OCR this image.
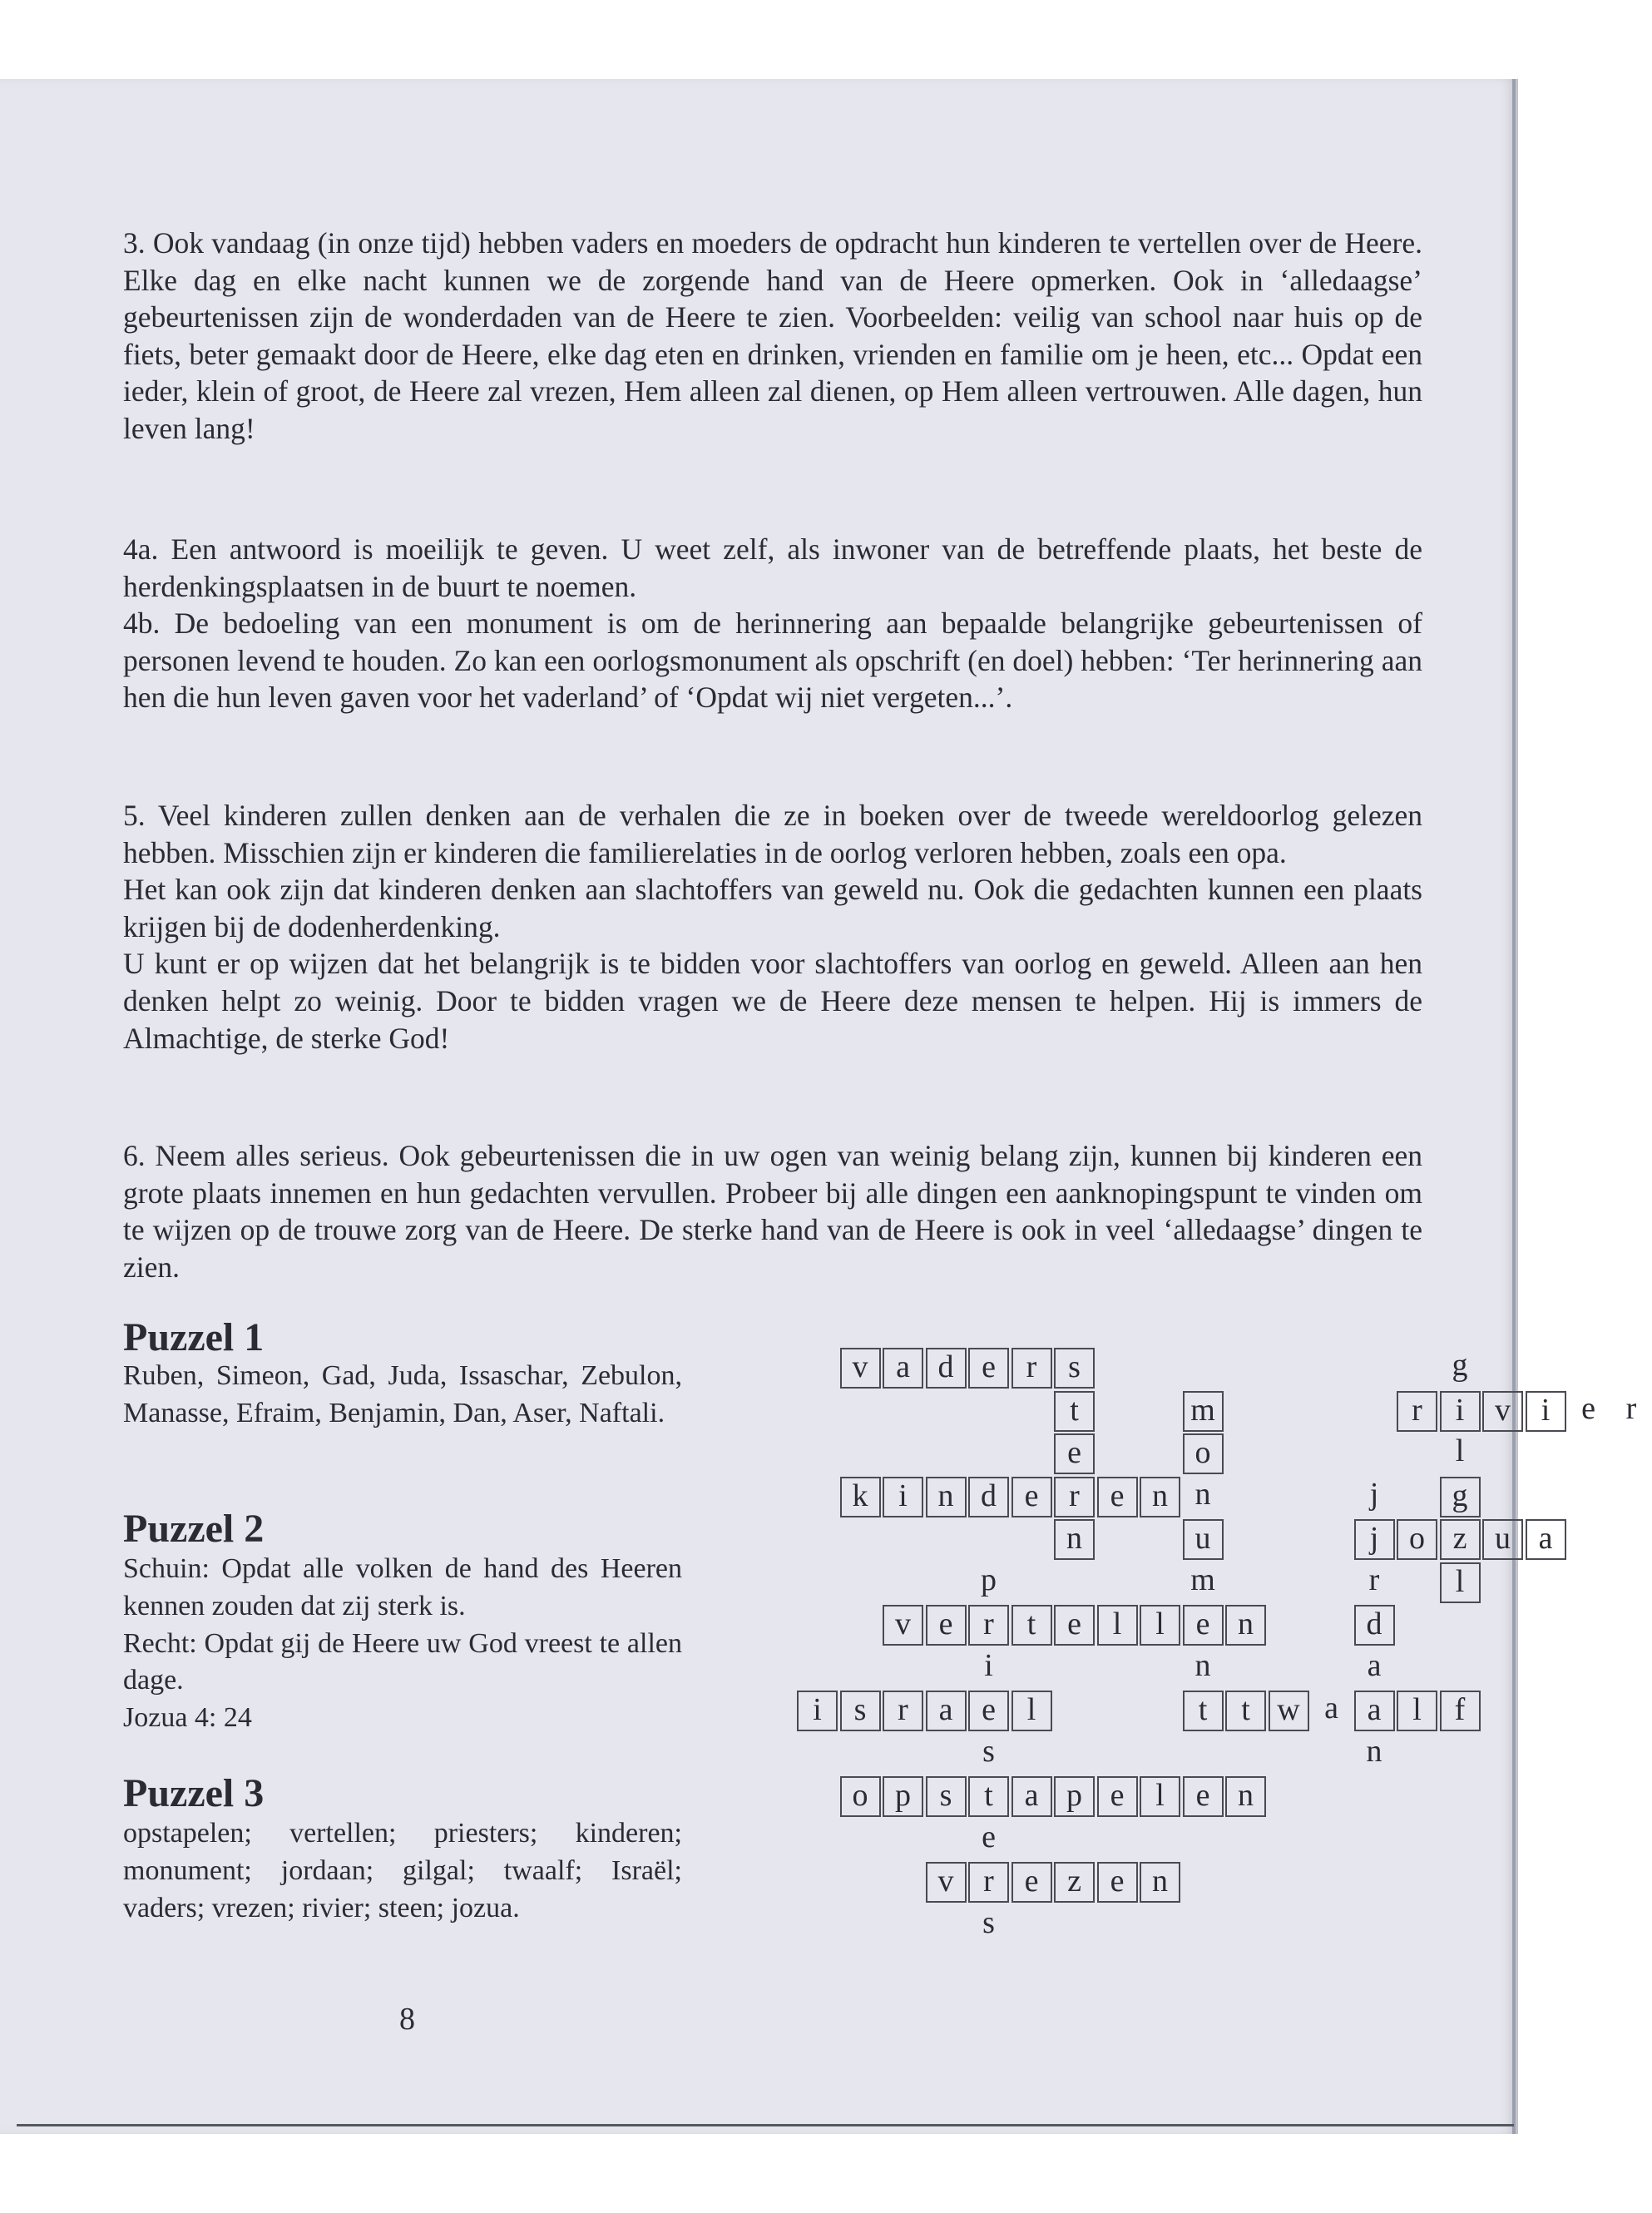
3. Ook vandaag (in onze tijd) hebben vaders en moeders de opdracht hun kinderen te vertellen over de Heere. Elke dag en elke nacht kunnen we de zorgende hand van de Heere opmerken. Ook in ‘alledaagse’ gebeurtenissen zijn de wonderdaden van de Heere te zien. Voorbeelden: veilig van school naar huis op de fiets, beter gemaakt door de Heere, elke dag eten en drinken, vrienden en familie om je heen, etc... Opdat een ieder, klein of groot, de Heere zal vrezen, Hem alleen zal dienen, op Hem alleen vertrouwen. Alle dagen, hun leven lang!

4a. Een antwoord is moeilijk te geven. U weet zelf, als inwoner van de betreffende plaats, het beste de herdenkingsplaatsen in de buurt te noemen.

4b. De bedoeling van een monument is om de herinnering aan bepaalde belangrijke gebeurtenissen of personen levend te houden. Zo kan een oorlogsmonument als opschrift (en doel) hebben: ‘Ter herinnering aan hen die hun leven gaven voor het vaderland’ of ‘Opdat wij niet vergeten...’.

5. Veel kinderen zullen denken aan de verhalen die ze in boeken over de tweede wereldoorlog gelezen hebben. Misschien zijn er kinderen die familierelaties in de oorlog verloren hebben, zoals een opa.

Het kan ook zijn dat kinderen denken aan slachtoffers van geweld nu. Ook die gedachten kunnen een plaats krijgen bij de dodenherdenking.

U kunt er op wijzen dat het belangrijk is te bidden voor slachtoffers van oorlog en geweld. Alleen aan hen denken helpt zo weinig. Door te bidden vragen we de Heere deze mensen te helpen. Hij is immers de Almachtige, de sterke God!

6. Neem alles serieus. Ook gebeurtenissen die in uw ogen van weinig belang zijn, kunnen bij kinderen een grote plaats innemen en hun gedachten vervullen. Probeer bij alle dingen een aanknopingspunt te vinden om te wijzen op de trouwe zorg van de Heere. De sterke hand van de Heere is ook in veel ‘alledaagse’ dingen te zien.

Puzzel 1

Ruben, Simeon, Gad, Juda, Issaschar, Zebulon, Manasse, Efraim, Benjamin, Dan, Aser, Naftali.

Puzzel 2

Schuin: Opdat alle volken de hand des Heeren kennen zouden dat zij sterk is.

Recht: Opdat gij de Heere uw God vreest te allen dage.

Jozua 4: 24

Puzzel 3

opstapelen; vertellen; priesters; kinderen; monument; jordaan; gilgal; twaalf; Israël; vaders; vrezen; rivier; steen; jozua.

v a d e r s
r	i v i e r
k i n d e r e n
j o z u a
v e r	t e l	l e n
i	s r a e l	t w a a l	f
o p s	t a p e l e n
v r e z e n
t
e
n
m
o
n
u
m
n
t
g
l
g
l
j
r
d
a
n
p
i
s
e
s
8
